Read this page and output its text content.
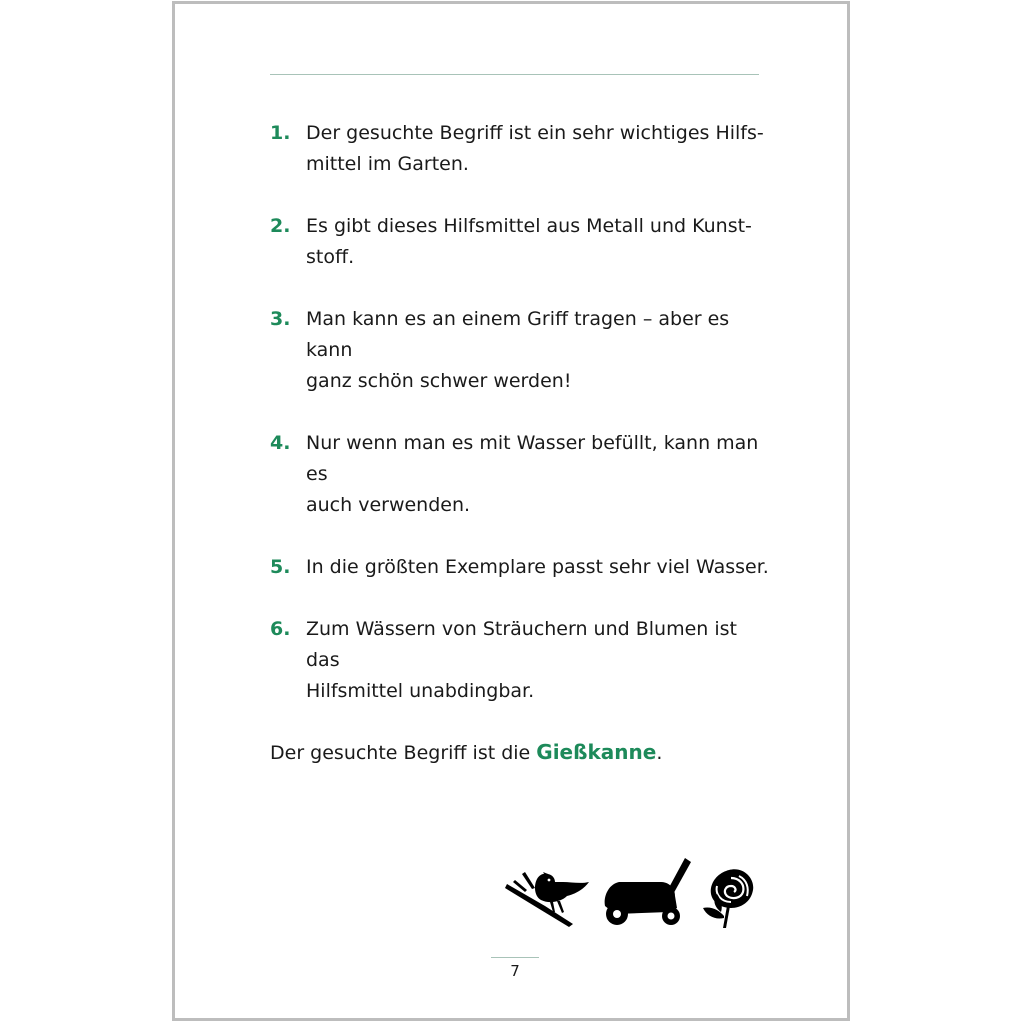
1. Der gesuchte Begriff ist ein sehr wichtiges Hilfs-
mittel im Garten.
2. Es gibt dieses Hilfsmittel aus Metall und Kunst-
stoff.
3. Man kann es an einem Griff tragen – aber es kann
ganz schön schwer werden!
4. Nur wenn man es mit Wasser befüllt, kann man es
auch verwenden.
5. In die größten Exemplare passt sehr viel Wasser.
6. Zum Wässern von Sträuchern und Blumen ist das
Hilfsmittel unabdingbar.
Der gesuchte Begriff ist die Gießkanne.
7
